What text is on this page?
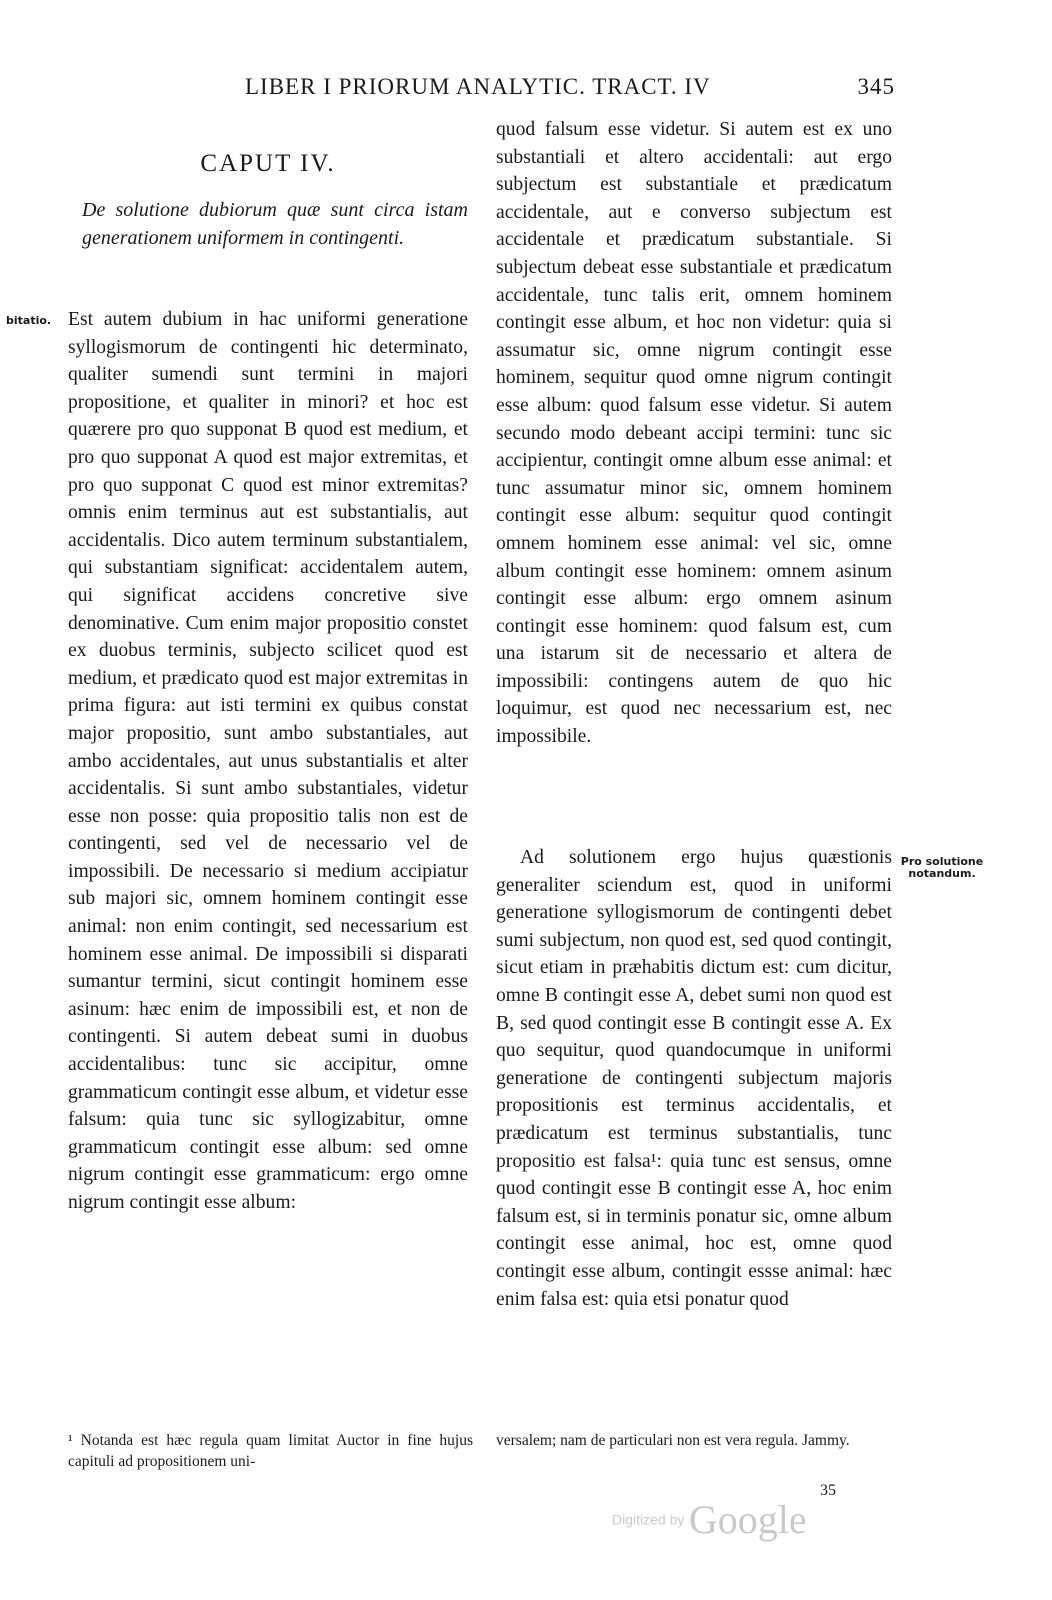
LIBER I PRIORUM ANALYTIC. TRACT. IV	345
CAPUT IV.
De solutione dubiorum quæ sunt circa istam generationem uniformem in contingenti.

Est autem dubium in hac uniformi generatione syllogismorum de contingenti hic determinato, qualiter sumendi sunt termini in majori propositione, et qualiter in minori? et hoc est quærere pro quo supponat B quod est medium, et pro quo supponat A quod est major extremitas, et pro quo supponat C quod est minor extremitas? omnis enim terminus aut est substantialis, aut accidentalis. Dico autem terminum substantialem, qui substantiam significat: accidentalem autem, qui significat accidens concretive sive denominative. Cum enim major propositio constet ex duobus terminis, subjecto scilicet quod est medium, et prædicato quod est major extremitas in prima figura: aut isti termini ex quibus constat major propositio, sunt ambo substantiales, aut ambo accidentales, aut unus substantialis et alter accidentalis. Si sunt ambo substantiales, videtur esse non posse: quia propositio talis non est de contingenti, sed vel de necessario vel de impossibili. De necessario si medium accipiatur sub majori sic, omnem hominem contingit esse animal: non enim contingit, sed necessarium est hominem esse animal. De impossibili si disparati sumantur termini, sicut contingit hominem esse asinum: hæc enim de impossibili est, et non de contingenti. Si autem debeat sumi in duobus accidentalibus: tunc sic accipitur, omne grammaticum contingit esse album, et videtur esse falsum: quia tunc sic syllogizabitur, omne grammaticum contingit esse album: sed omne nigrum contingit esse grammaticum: ergo omne nigrum contingit esse album:

bitatio.

quod falsum esse videtur. Si autem est ex uno substantiali et altero accidentali: aut ergo subjectum est substantiale et prædicatum accidentale, aut e converso subjectum est accidentale et prædicatum substantiale. Si subjectum debeat esse substantiale et prædicatum accidentale, tunc talis erit, omnem hominem contingit esse album, et hoc non videtur: quia si assumatur sic, omne nigrum contingit esse hominem, sequitur quod omne nigrum contingit esse album: quod falsum esse videtur. Si autem secundo modo debeant accipi termini: tunc sic accipientur, contingit omne album esse animal: et tunc assumatur minor sic, omnem hominem contingit esse album: sequitur quod contingit omnem hominem esse animal: vel sic, omne album contingit esse hominem: omnem asinum contingit esse album: ergo omnem asinum contingit esse hominem: quod falsum est, cum una istarum sit de necessario et altera de impossibili: contingens autem de quo hic loquimur, est quod nec necessarium est, nec impossibile.

Ad solutionem ergo hujus quæstionis generaliter sciendum est, quod in uniformi generatione syllogismorum de contingenti debet sumi subjectum, non quod est, sed quod contingit, sicut etiam in præhabitis dictum est: cum dicitur, omne B contingit esse A, debet sumi non quod est B, sed quod contingit esse B contingit esse A. Ex quo sequitur, quod quandocumque in uniformi generatione de contingenti subjectum majoris propositionis est terminus accidentalis, et prædicatum est terminus substantialis, tunc propositio est falsa¹: quia tunc est sensus, omne quod contingit esse B contingit esse A, hoc enim falsum est, si in terminis ponatur sic, omne album contingit esse animal, hoc est, omne quod contingit esse album, contingit essse animal: hæc enim falsa est: quia etsi ponatur quod

Pro solutione notandum.
¹ Notanda est hæc regula quam limitat Auctor in fine hujus capituli ad propositionem uni-
versalem; nam de particulari non est vera regula. Jammy.
35
Digitized by Google
